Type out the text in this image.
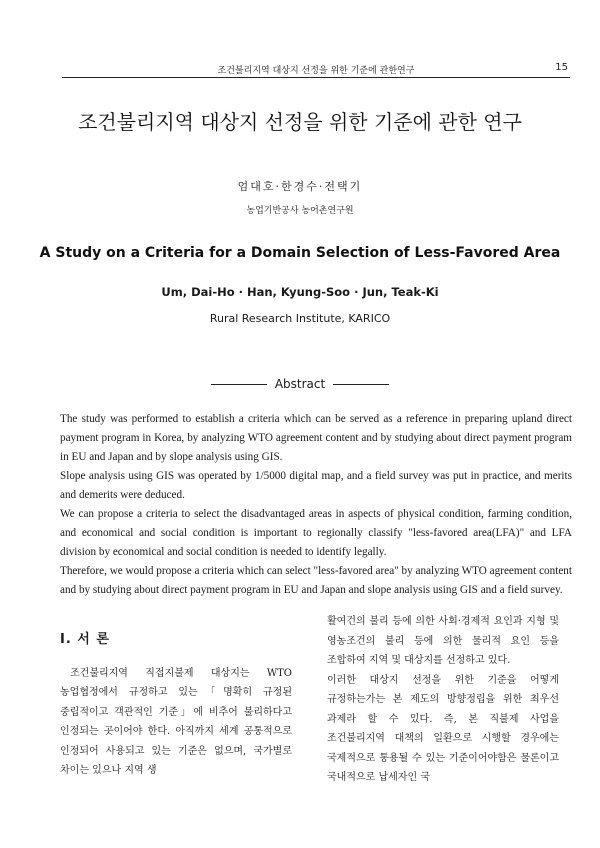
조건불리지역 대상지 선정을 위한 기준에 관한연구	15
조건불리지역 대상지 선정을 위한 기준에 관한 연구
엄대호·한경수·전택기
농업기반공사 농어촌연구원
A Study on a Criteria for a Domain Selection of Less-Favored Area
Um, Dai-Ho · Han, Kyung-Soo · Jun, Teak-Ki
Rural Research Institute, KARICO
Abstract

The study was performed to establish a criteria which can be served as a reference in preparing upland direct payment program in Korea, by analyzing WTO agreement content and by studying about direct payment program in EU and Japan and by slope analysis using GIS.

Slope analysis using GIS was operated by 1/5000 digital map, and a field survey was put in practice, and merits and demerits were deduced.

We can propose a criteria to select the disadvantaged areas in aspects of physical condition, farming condition, and economical and social condition is important to regionally classify "less-favored area(LFA)" and LFA division by economical and social condition is needed to identify legally.

Therefore, we would propose a criteria which can select "less-favored area" by analyzing WTO agreement content and by studying about direct payment program in EU and Japan and slope analysis using GIS and a field survey.

Ⅰ. 서 론

조건불리지역 직접지불제 대상지는 WTO 농업협정에서 규정하고 있는「명확히 규정된 중립적이고 객관적인 기준」에 비추어 불리하다고 인정되는 곳이어야 한다. 아직까지 세계 공통적으로 인정되어 사용되고 있는 기준은 없으며, 국가별로 차이는 있으나 지역 생

활여건의 불리 등에 의한 사회·경제적 요인과 지형 및 영농조건의 불리 등에 의한 물리적 요인 등을 조합하여 지역 및 대상지를 선정하고 있다.

이러한 대상지 선정을 위한 기준을 어떻게 규정하는가는 본 제도의 방향정립을 위한 최우선 과제라 할 수 있다. 즉, 본 직불제 사업을 조건불리지역 대책의 일환으로 시행할 경우에는 국제적으로 통용될 수 있는 기준이어야함은 물론이고 국내적으로 납세자인 국
